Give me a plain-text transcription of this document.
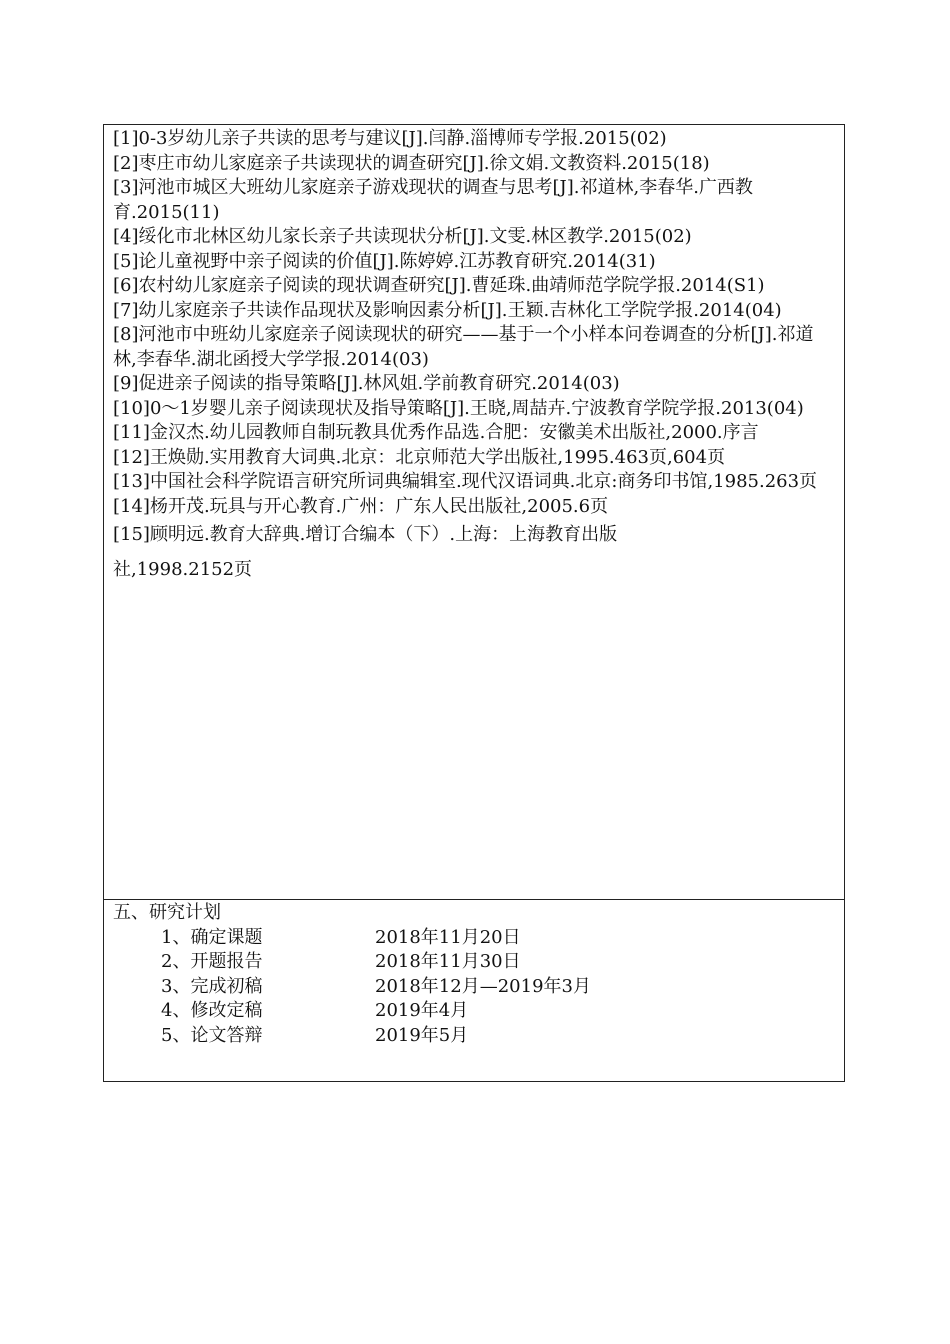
[1]0-3岁幼儿亲子共读的思考与建议[J].闫静.淄博师专学报.2015(02)

[2]枣庄市幼儿家庭亲子共读现状的调查研究[J].徐文娟.文教资料.2015(18)

[3]河池市城区大班幼儿家庭亲子游戏现状的调查与思考[J].祁道林,李春华.广西教育.2015(11)

[4]绥化市北林区幼儿家长亲子共读现状分析[J].文雯.林区教学.2015(02)

[5]论儿童视野中亲子阅读的价值[J].陈婷婷.江苏教育研究.2014(31)

[6]农村幼儿家庭亲子阅读的现状调查研究[J].曹延珠.曲靖师范学院学报.2014(S1)

[7]幼儿家庭亲子共读作品现状及影响因素分析[J].王颖.吉林化工学院学报.2014(04)

[8]河池市中班幼儿家庭亲子阅读现状的研究——基于一个小样本问卷调查的分析[J].祁道林,李春华.湖北函授大学学报.2014(03)

[9]促进亲子阅读的指导策略[J].林风姐.学前教育研究.2014(03)

[10]0～1岁婴儿亲子阅读现状及指导策略[J].王晓,周喆卉.宁波教育学院学报.2013(04)

[11]金汉杰.幼儿园教师自制玩教具优秀作品选.合肥：安徽美术出版社,2000.序言

[12]王焕勋.实用教育大词典.北京：北京师范大学出版社,1995.463页,604页

[13]中国社会科学院语言研究所词典编辑室.现代汉语词典.北京:商务印书馆,1985.263页

[14]杨开茂.玩具与开心教育.广州：广东人民出版社,2005.6页

[15]顾明远.教育大辞典.增订合编本（下）.上海：上海教育出版

社,1998.2152页

五、研究计划

1、确定课题	2018年11月20日
2、开题报告	2018年11月30日
3、完成初稿	2018年12月—2019年3月
4、修改定稿	2019年4月
5、论文答辩	2019年5月
